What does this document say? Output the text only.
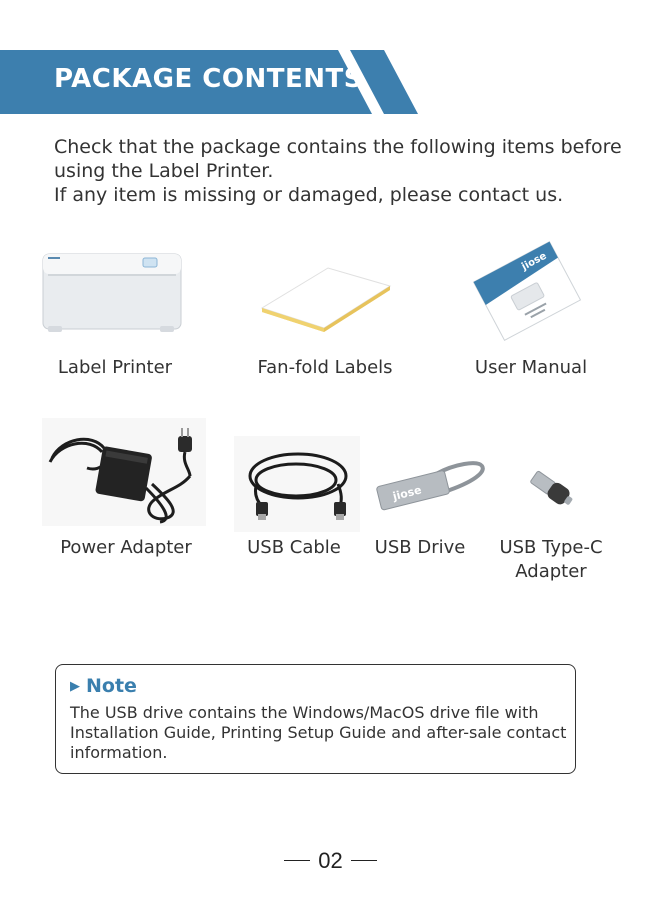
PACKAGE CONTENTS
Check that the package contains the following items before
using the Label Printer.
If any item is missing or damaged, please contact us.
Label Printer	Fan-fold Labels
jiose
User Manual
Power Adapter	USB Cable
jiose
USB Drive	USB Type-C
Adapter
▶ Note
The USB drive contains the Windows/MacOS drive file with
Installation Guide, Printing Setup Guide and after-sale contact
information.
02
